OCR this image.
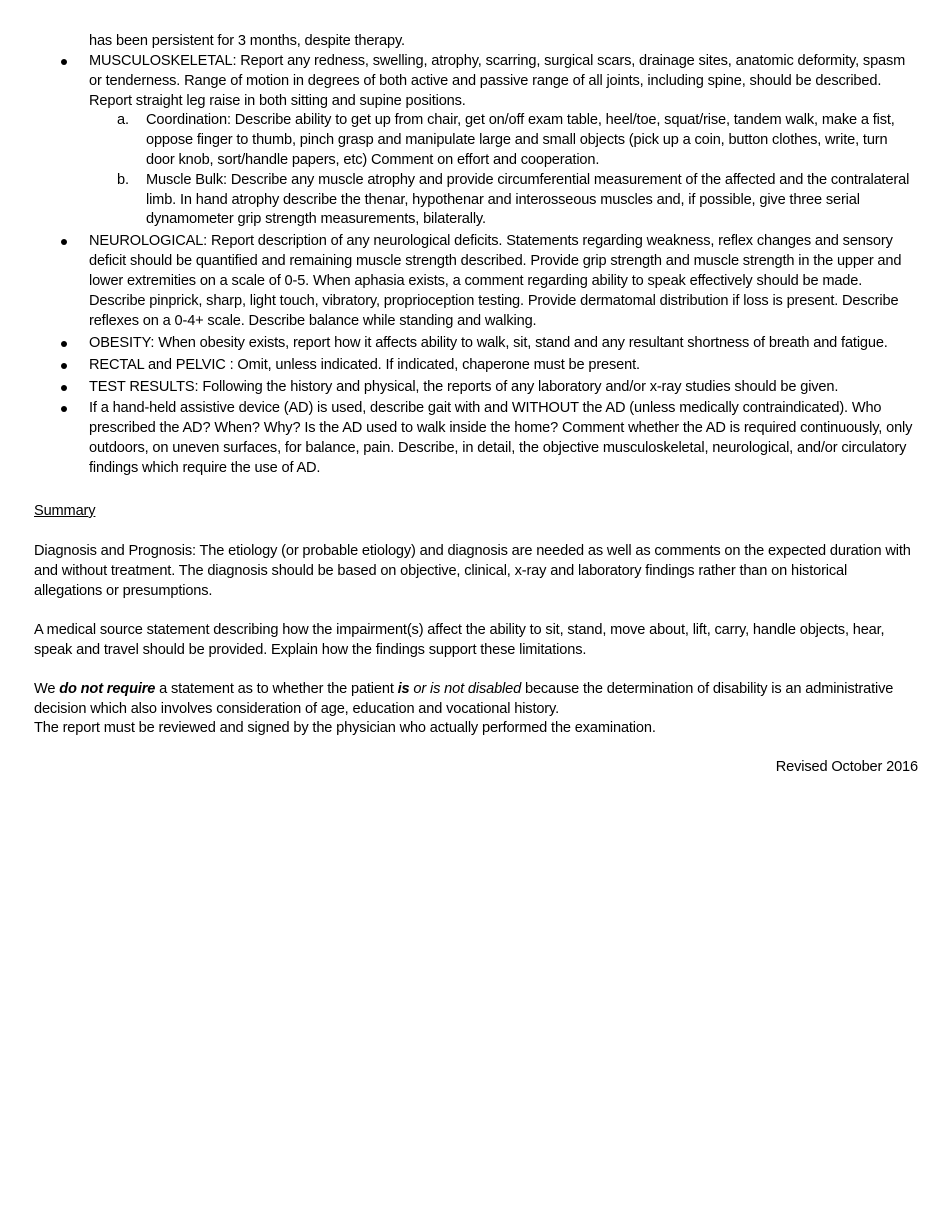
has been persistent for 3 months, despite therapy.

MUSCULOSKELETAL: Report any redness, swelling, atrophy, scarring, surgical scars, drainage sites, anatomic deformity, spasm or tenderness. Range of motion in degrees of both active and passive range of all joints, including spine, should be described. Report straight leg raise in both sitting and supine positions.
a. Coordination: Describe ability to get up from chair, get on/off exam table, heel/toe, squat/rise, tandem walk, make a fist, oppose finger to thumb, pinch grasp and manipulate large and small objects (pick up a coin, button clothes, write, turn door knob, sort/handle papers, etc) Comment on effort and cooperation.
b. Muscle Bulk: Describe any muscle atrophy and provide circumferential measurement of the affected and the contralateral limb. In hand atrophy describe the thenar, hypothenar and interosseous muscles and, if possible, give three serial dynamometer grip strength measurements, bilaterally.
NEUROLOGICAL: Report description of any neurological deficits. Statements regarding weakness, reflex changes and sensory deficit should be quantified and remaining muscle strength described. Provide grip strength and muscle strength in the upper and lower extremities on a scale of 0-5. When aphasia exists, a comment regarding ability to speak effectively should be made. Describe pinprick, sharp, light touch, vibratory, proprioception testing. Provide dermatomal distribution if loss is present. Describe reflexes on a 0-4+ scale. Describe balance while standing and walking.
OBESITY: When obesity exists, report how it affects ability to walk, sit, stand and any resultant shortness of breath and fatigue.
RECTAL and PELVIC : Omit, unless indicated. If indicated, chaperone must be present.
TEST RESULTS: Following the history and physical, the reports of any laboratory and/or x-ray studies should be given.
If a hand-held assistive device (AD) is used, describe gait with and WITHOUT the AD (unless medically contraindicated). Who prescribed the AD? When? Why? Is the AD used to walk inside the home? Comment whether the AD is required continuously, only outdoors, on uneven surfaces, for balance, pain. Describe, in detail, the objective musculoskeletal, neurological, and/or circulatory findings which require the use of AD.
Summary

Diagnosis and Prognosis: The etiology (or probable etiology) and diagnosis are needed as well as comments on the expected duration with and without treatment. The diagnosis should be based on objective, clinical, x-ray and laboratory findings rather than on historical allegations or presumptions.

A medical source statement describing how the impairment(s) affect the ability to sit, stand, move about, lift, carry, handle objects, hear, speak and travel should be provided. Explain how the findings support these limitations.

We do not require a statement as to whether the patient is or is not disabled because the determination of disability is an administrative decision which also involves consideration of age, education and vocational history.

The report must be reviewed and signed by the physician who actually performed the examination.

Revised October 2016
